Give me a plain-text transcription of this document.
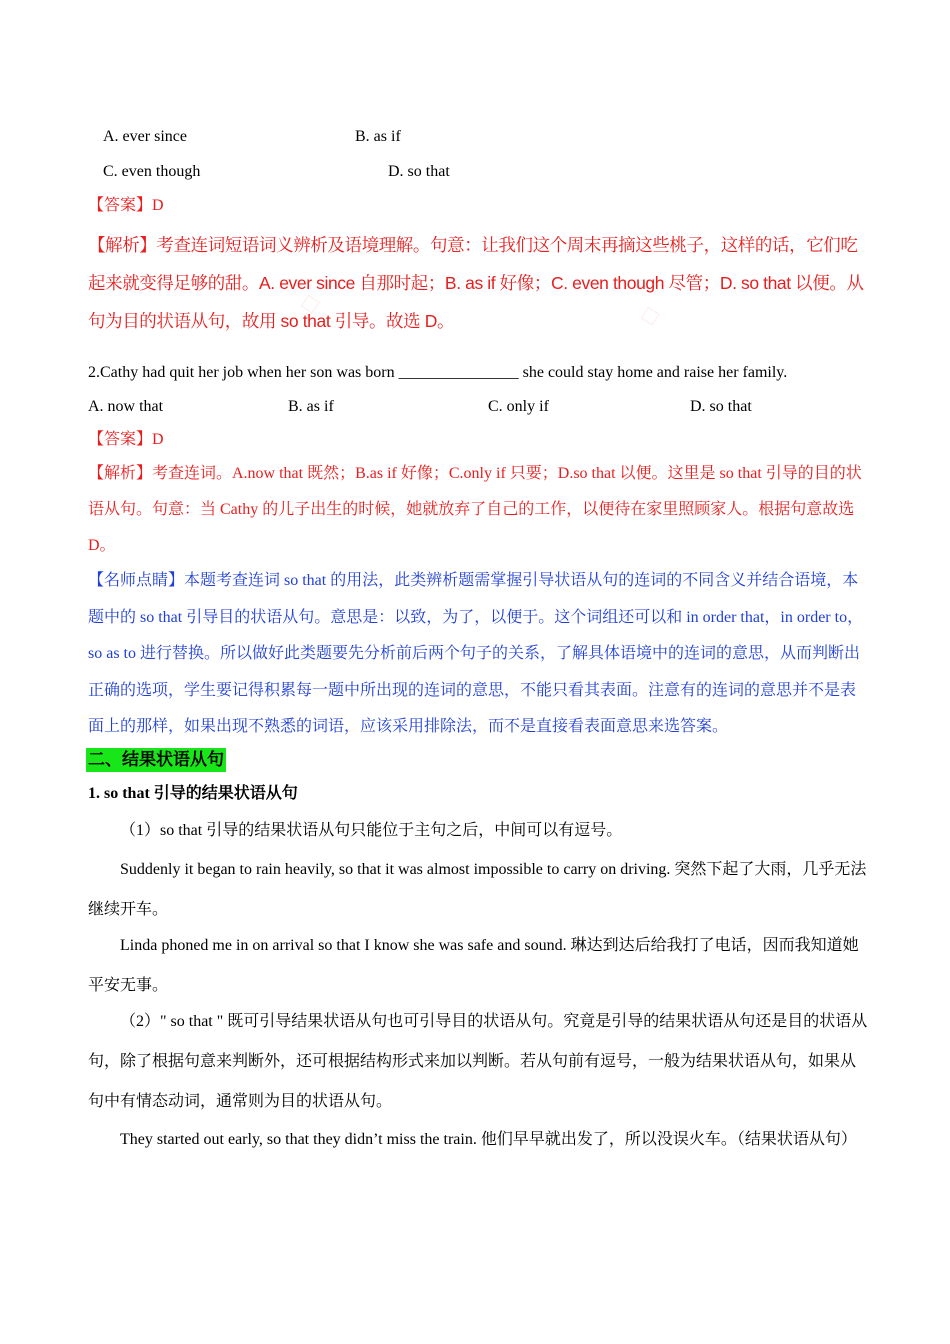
◇	◇
A. ever since	B. as if
C. even though	D. so that
【答案】D
【解析】考查连词短语词义辨析及语境理解。句意：让我们这个周末再摘这些桃子，这样的话，它们吃起来就变得足够的甜。A. ever since 自那时起；B. as if 好像；C. even though 尽管；D. so that 以便。从句为目的状语从句，故用 so that 引导。故选 D。
2.Cathy had quit her job when her son was born _______________ she could stay home and raise her family.
A. now that	B. as if	C. only if	D. so that
【答案】D
【解析】考查连词。A.now that 既然；B.as if 好像；C.only if 只要；D.so that 以便。这里是 so that 引导的目的状语从句。句意：当 Cathy 的儿子出生的时候，她就放弃了自己的工作，以便待在家里照顾家人。根据句意故选 D。
【名师点睛】本题考查连词 so that 的用法，此类辨析题需掌握引导状语从句的连词的不同含义并结合语境，本题中的 so that 引导目的状语从句。意思是：以致，为了，以便于。这个词组还可以和 in order that，in order to，so as to 进行替换。所以做好此类题要先分析前后两个句子的关系，了解具体语境中的连词的意思，从而判断出正确的选项，学生要记得积累每一题中所出现的连词的意思，不能只看其表面。注意有的连词的意思并不是表面上的那样，如果出现不熟悉的词语，应该采用排除法，而不是直接看表面意思来选答案。
二、结果状语从句
1. so that 引导的结果状语从句
（1）so that 引导的结果状语从句只能位于主句之后，中间可以有逗号。
Suddenly it began to rain heavily, so that it was almost impossible to carry on driving. 突然下起了大雨，几乎无法继续开车。
Linda phoned me in on arrival so that I know she was safe and sound. 琳达到达后给我打了电话，因而我知道她平安无事。
（2）" so that " 既可引导结果状语从句也可引导目的状语从句。究竟是引导的结果状语从句还是目的状语从句，除了根据句意来判断外，还可根据结构形式来加以判断。若从句前有逗号，一般为结果状语从句，如果从句中有情态动词，通常则为目的状语从句。
They started out early, so that they didn’t miss the train. 他们早早就出发了，所以没误火车。（结果状语从句）
